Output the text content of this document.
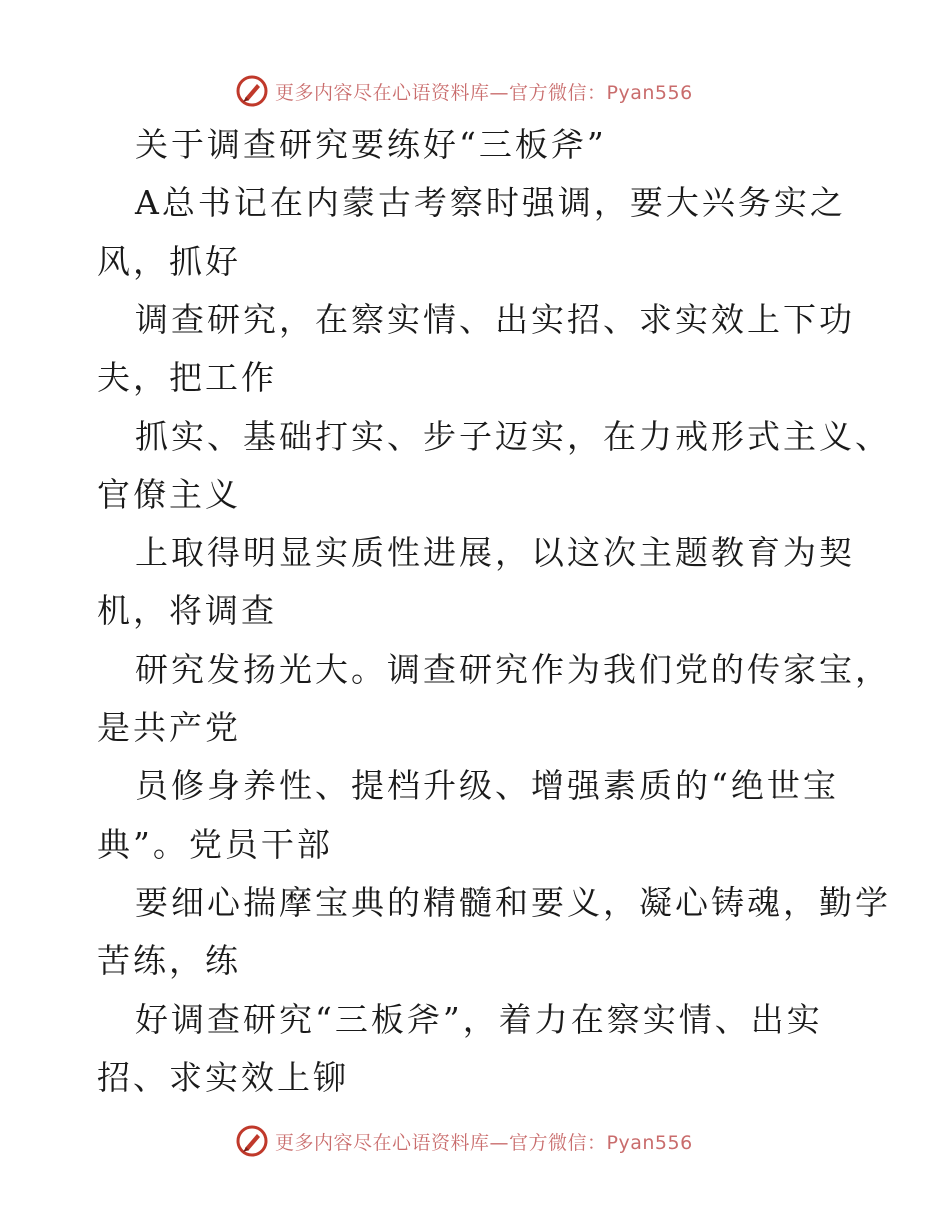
更多内容尽在心语资料库—官方微信：Pyan556
关于调查研究要练好“三板斧”
A总书记在内蒙古考察时强调，要大兴务实之
风，抓好
调查研究，在察实情、出实招、求实效上下功
夫，把工作
抓实、基础打实、步子迈实，在力戒形式主义、
官僚主义
上取得明显实质性进展，以这次主题教育为契
机，将调查
研究发扬光大。调查研究作为我们党的传家宝，
是共产党
员修身养性、提档升级、增强素质的“绝世宝
典”。党员干部
要细心揣摩宝典的精髓和要义，凝心铸魂，勤学
苦练，练
好调查研究“三板斧”，着力在察实情、出实
招、求实效上铆
更多内容尽在心语资料库—官方微信：Pyan556
